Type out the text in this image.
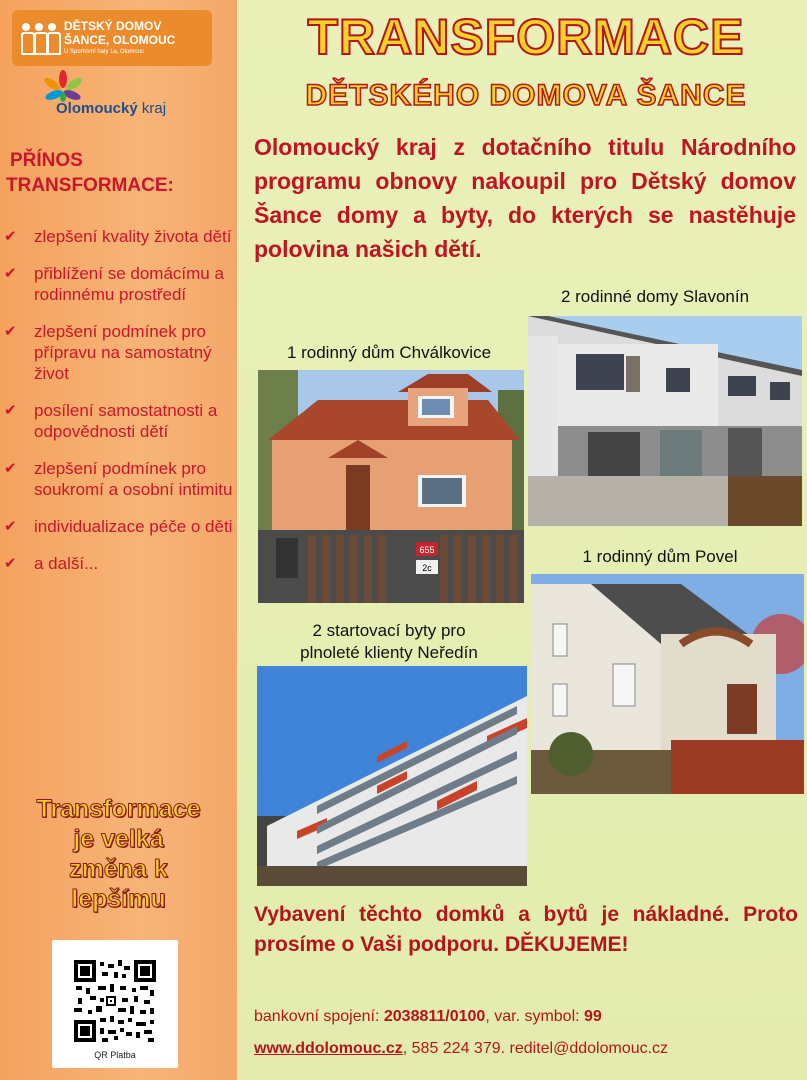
DĚTSKÝ DOMOV
ŠANCE, OLOMOUC
U Sportovní haly 1a, Olomouc
Olomoucký kraj
PŘÍNOS
TRANSFORMACE:
✔ zlepšení kvality života dětí
✔ přiblížení se domácímu a rodinnému prostředí
✔ zlepšení podmínek pro přípravu na samostatný život
✔ posílení samostatnosti a odpovědnosti dětí
✔ zlepšení podmínek pro soukromí a osobní intimitu
✔ individualizace péče o děti
✔ a další...
Transformace
je velká
změna k
lepšímu
QR Platba
TRANSFORMACE
DĚTSKÉHO DOMOVA ŠANCE
Olomoucký kraj z dotačního titulu Národního programu obnovy nakoupil pro Dětský domov Šance domy a byty, do kterých se nastěhuje polovina našich dětí.
2 rodinné domy Slavonín
1 rodinný dům Chválkovice
1 rodinný dům Povel
2 startovací byty pro
plnoleté klienty Neředín
655
2c
Vybavení těchto domků a bytů je nákladné. Proto prosíme o Vaši podporu. DĚKUJEME!
bankovní spojení: 2038811/0100, var. symbol: 99
www.ddolomouc.cz, 585 224 379. reditel@ddolomouc.cz
